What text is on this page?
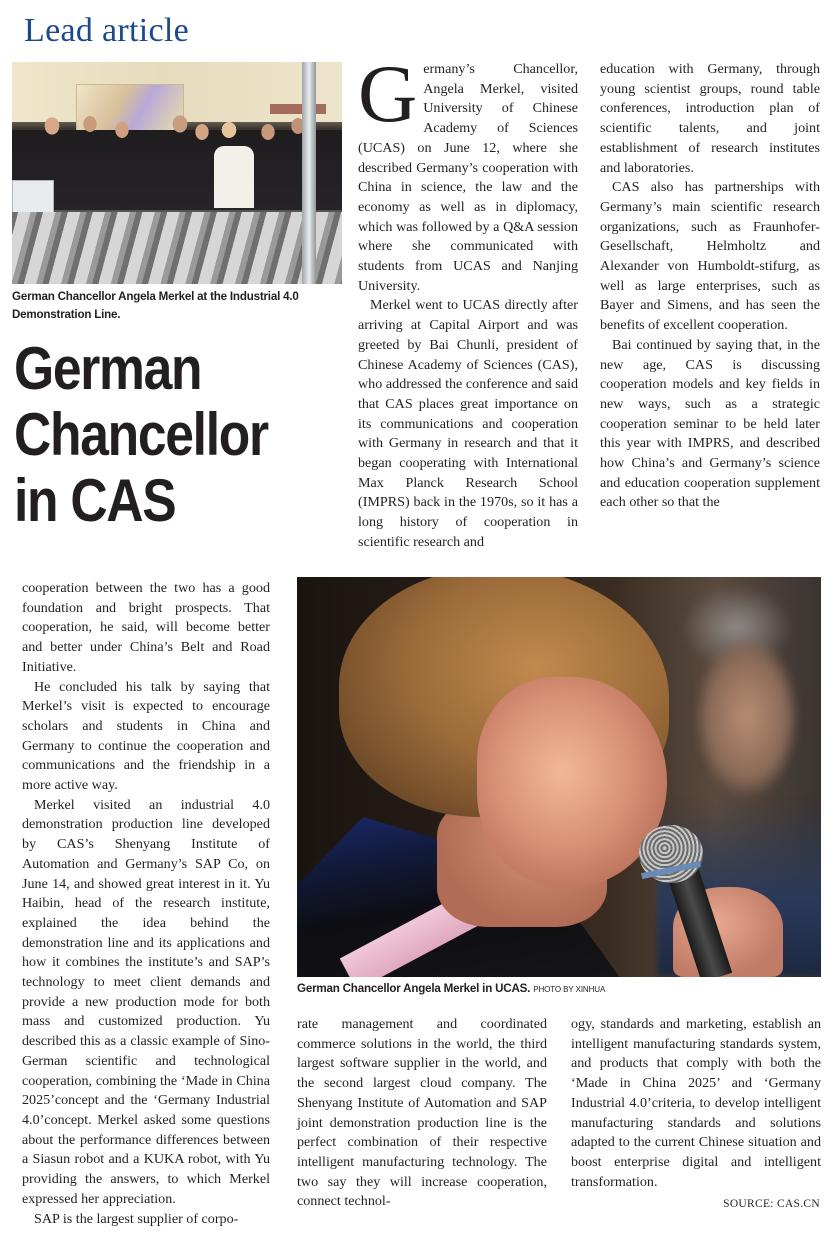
Lead article
German Chancellor Angela Merkel at the Industrial 4.0 Demonstration Line.
German
Chancellor
in CAS

Germany’s Chancellor, Angela Merkel, visited University of Chinese Academy of Sciences (UCAS) on June 12, where she described Germany’s cooperation with China in science, the law and the economy as well as in diplomacy, which was followed by a Q&A session where she communicated with students from UCAS and Nanjing University.

Merkel went to UCAS directly after arriving at Capital Airport and was greeted by Bai Chunli, president of Chinese Academy of Sciences (CAS), who addressed the conference and said that CAS places great importance on its communications and cooperation with Germany in research and that it began cooperating with International Max Planck Research School (IMPRS) back in the 1970s, so it has a long history of cooperation in scientific research and

education with Germany, through young scientist groups, round table conferences, introduction plan of scientific talents, and joint establishment of research institutes and laboratories.

CAS also has partnerships with Germany’s main scientific research organizations, such as Fraunhofer-Gesellschaft, Helmholtz and Alexander von Humboldt-stifurg, as well as large enterprises, such as Bayer and Simens, and has seen the benefits of excellent cooperation.

Bai continued by saying that, in the new age, CAS is discussing cooperation models and key fields in new ways, such as a strategic cooperation seminar to be held later this year with IMPRS, and described how China’s and Germany’s science and education cooperation supplement each other so that the

cooperation between the two has a good foundation and bright prospects. That cooperation, he said, will become better and better under China’s Belt and Road Initiative.

He concluded his talk by saying that Merkel’s visit is expected to encourage scholars and students in China and Germany to continue the cooperation and communications and the friendship in a more active way.

Merkel visited an industrial 4.0 demonstration production line developed by CAS’s Shenyang Institute of Automation and Germany’s SAP Co, on June 14, and showed great interest in it. Yu Haibin, head of the research institute, explained the idea behind the demonstration line and its applications and how it combines the institute’s and SAP’s technology to meet client demands and provide a new production mode for both mass and customized production. Yu described this as a classic example of Sino-German scientific and technological cooperation, combining the ‘Made in China 2025’concept and the ‘Germany Industrial 4.0’concept. Merkel asked some questions about the performance differences between a Siasun robot and a KUKA robot, with Yu providing the answers, to which Merkel expressed her appreciation.

SAP is the largest supplier of corpo-

German Chancellor Angela Merkel in UCAS. PHOTO BY XINHUA

rate management and coordinated commerce solutions in the world, the third largest software supplier in the world, and the second largest cloud company. The Shenyang Institute of Automation and SAP joint demonstration production line is the perfect combination of their respective intelligent manufacturing technology. The two say they will increase cooperation, connect technol-

ogy, standards and marketing, establish an intelligent manufacturing standards system, and products that comply with both the ‘Made in China 2025’ and ‘Germany Industrial 4.0’criteria, to develop intelligent manufacturing standards and solutions adapted to the current Chinese situation and boost enterprise digital and intelligent transformation.

SOURCE: CAS.CN
